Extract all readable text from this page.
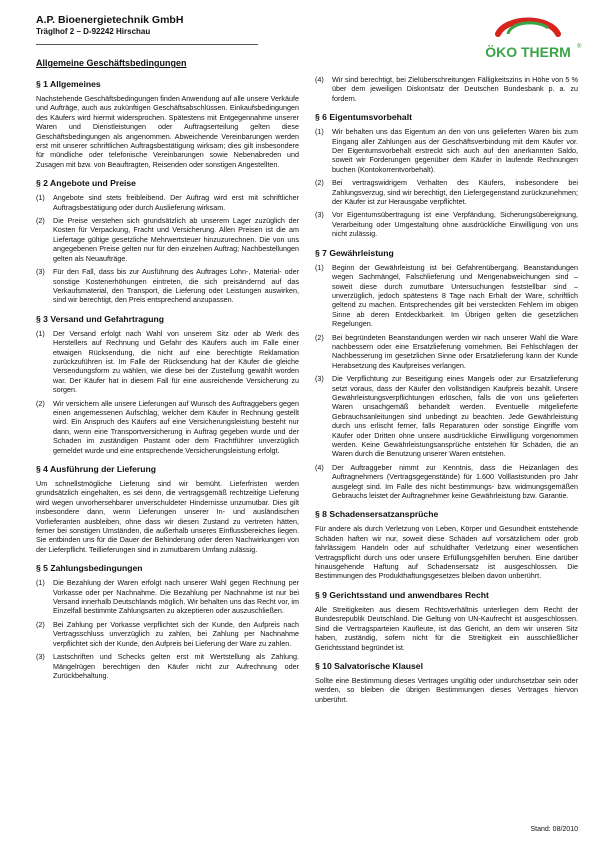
A.P. Bioenergietechnik GmbH
Träglhof 2 – D-92242 Hirschau
ÖKO THERM ®
Allgemeine Geschäftsbedingungen
§ 1 Allgemeines
Nachstehende Geschäftsbedingungen finden Anwendung auf alle unsere Verkäufe und Aufträge, auch aus zukünftigen Geschäftsabschlüssen. Einkaufsbedingungen des Käufers wird hiermit widersprochen. Spätestens mit Entgegennahme unserer Waren und Dienstleistungen oder Auftragserteilung gelten diese Geschäftsbedingungen als angenommen. Abweichende Vereinbarungen werden erst mit unserer schriftlichen Auftragsbestätigung wirksam; dies gilt insbesondere für mündliche oder telefonische Vereinbarungen sowie Nebenabreden und Zusagen mit bzw. von Beauftragten, Reisenden oder sonstigen Angestellten.
§ 2 Angebote und Preise
(1)	Angebote sind stets freibleibend. Der Auftrag wird erst mit schriftlicher Auftragsbestätigung oder durch Auslieferung wirksam.
(2)	Die Preise verstehen sich grundsätzlich ab unserem Lager zuzüglich der Kosten für Verpackung, Fracht und Versicherung. Allen Preisen ist die am Liefertage gültige gesetzliche Mehrwertsteuer hinzuzurechnen. Die von uns angegebenen Preise gelten nur für den einzelnen Auftrag; Nachbestellungen gelten als Neuaufträge.
(3)	Für den Fall, dass bis zur Ausführung des Auftrages Lohn-, Material- oder sonstige Kostenerhöhungen eintreten, die sich preisändernd auf das Verkaufsmaterial, den Transport, die Lieferung oder Leistungen auswirken, sind wir berechtigt, den Preis entsprechend anzupassen.
§ 3 Versand und Gefahrtragung
(1)	Der Versand erfolgt nach Wahl von unserem Sitz oder ab Werk des Herstellers auf Rechnung und Gefahr des Käufers auch im Falle einer etwaigen Rücksendung, die nicht auf eine berechtigte Reklamation zurückzuführen ist. Im Falle der Rücksendung hat der Käufer die gleiche Versendungsform zu wählen, wie diese bei der Zustellung gewählt worden war. Der Käufer hat in diesem Fall für eine ausreichende Versicherung zu sorgen.
(2)	Wir versichern alle unsere Lieferungen auf Wunsch des Auftraggebers gegen einen angemessenen Aufschlag, welcher dem Käufer in Rechnung gestellt wird. Ein Anspruch des Käufers auf eine Versicherungsleistung besteht nur dann, wenn eine Transportversicherung in Auftrag gegeben wurde und der Schaden im zuständigen Postamt oder dem Frachtführer unverzüglich gemeldet wurde und eine entsprechende Versicherungsleistung erfolgt.
§ 4 Ausführung der Lieferung
Um schnellstmögliche Lieferung sind wir bemüht. Lieferfristen werden grundsätzlich eingehalten, es sei denn, die vertragsgemäß rechtzeitige Lieferung wird wegen unvorhersehbarer unverschuldeter Hindernisse unzumutbar. Dies gilt insbesondere dann, wenn Lieferungen unserer In- und ausländischen Vorlieferanten ausbleiben, ohne dass wir diesen Zustand zu vertreten hätten, ferner bei sonstigen Umständen, die außerhalb unseres Einflussbereiches liegen. Sie entbinden uns für die Dauer der Behinderung oder deren Nachwirkungen von der Lieferpflicht. Teillieferungen sind in zumutbarem Umfang zulässig.
§ 5 Zahlungsbedingungen
(1)	Die Bezahlung der Waren erfolgt nach unserer Wahl gegen Rechnung per Vorkasse oder per Nachnahme. Die Bezahlung per Nachnahme ist nur bei Versand innerhalb Deutschlands möglich. Wir behalten uns das Recht vor, im Einzelfall bestimmte Zahlungsarten zu akzeptieren oder auszuschließen.
(2)	Bei Zahlung per Vorkasse verpflichtet sich der Kunde, den Aufpreis nach Vertragsschluss unverzüglich zu zahlen, bei Zahlung per Nachnahme verpflichtet sich der Kunde, den Aufpreis bei Lieferung der Ware zu zahlen.
(3)	Lastschriften und Schecks gelten erst mit Wertstellung als Zahlung. Mängelrügen berechtigen den Käufer nicht zur Aufrechnung oder Zurückbehaltung.
(4)	Wir sind berechtigt, bei Zielüberschreitungen Fälligkeitszins in Höhe von 5 % über dem jeweiligen Diskontsatz der Deutschen Bundesbank p. a. zu fordern.
§ 6 Eigentumsvorbehalt
(1)	Wir behalten uns das Eigentum an den von uns gelieferten Waren bis zum Eingang aller Zahlungen aus der Geschäftsverbindung mit dem Käufer vor. Der Eigentumsvorbehalt erstreckt sich auch auf den anerkannten Saldo, soweit wir Forderungen gegenüber dem Käufer in laufende Rechnungen buchen (Kontokorrentvorbehalt).
(2)	Bei vertragswidrigem Verhalten des Käufers, insbesondere bei Zahlungsverzug, sind wir berechtigt, den Liefergegenstand zurückzunehmen; der Käufer ist zur Herausgabe verpflichtet.
(3)	Vor Eigentumsübertragung ist eine Verpfändung, Sicherungsübereignung, Verarbeitung oder Umgestaltung ohne ausdrückliche Einwilligung von uns nicht zulässig.
§ 7 Gewährleistung
(1)	Beginn der Gewährleistung ist bei Gefahrenübergang. Beanstandungen wegen Sachmängel, Falschlieferung und Mengenabweichungen sind – soweit diese durch zumutbare Untersuchungen feststellbar sind – unverzüglich, jedoch spätestens 8 Tage nach Erhalt der Ware, schriftlich geltend zu machen. Entsprechendes gilt bei versteckten Fehlern im obigen Sinne ab deren Entdeckbarkeit. Im Übrigen gelten die gesetzlichen Regelungen.
(2)	Bei begründeten Beanstandungen werden wir nach unserer Wahl die Ware nachbessern oder eine Ersatzlieferung vornehmen. Bei Fehlschlagen der Nachbesserung im gesetzlichen Sinne oder Ersatzlieferung kann der Kunde Herabsetzung des Kaufpreises verlangen.
(3)	Die Verpflichtung zur Beseitigung eines Mangels oder zur Ersatzlieferung setzt voraus, dass der Käufer den vollständigen Kaufpreis bezahlt. Unsere Gewährleistungsverpflichtungen erlöschen, falls die von uns gelieferten Waren unsachgemäß behandelt werden. Eventuelle mitgelieferte Gebrauchsanleitungen sind unbedingt zu beachten. Jede Gewährleistung durch uns erlischt ferner, falls Reparaturen oder sonstige Eingriffe vom Käufer oder Dritten ohne unsere ausdrückliche Einwilligung vorgenommen werden. Keine Gewährleistungsansprüche entstehen für Schäden, die an Waren durch die Benutzung unserer Waren entstehen.
(4)	Der Auftraggeber nimmt zur Kenntnis, dass die Heizanlagen des Auftragnehmers (Vertragsgegenstände) für 1.600 Volllaststunden pro Jahr ausgelegt sind. Im Falle des nicht bestimmungs- bzw. widmungsgemäßen Gebrauchs leistet der Auftragnehmer keine Gewährleistung bzw. Garantie.
§ 8 Schadensersatzansprüche
Für andere als durch Verletzung von Leben, Körper und Gesundheit entstehende Schäden haften wir nur, soweit diese Schäden auf vorsätzlichem oder grob fahrlässigem Handeln oder auf schuldhafter Verletzung einer wesentlichen Vertragspflicht durch uns oder unsere Erfüllungsgehilfen beruhen. Eine darüber hinausgehende Haftung auf Schadensersatz ist ausgeschlossen. Die Bestimmungen des Produkthaftungsgesetzes bleiben davon unberührt.
§ 9 Gerichtsstand und anwendbares Recht
Alle Streitigkeiten aus diesem Rechtsverhältnis unterliegen dem Recht der Bundesrepublik Deutschland. Die Geltung von UN-Kaufrecht ist ausgeschlossen. Sind die Vertragsparteien Kaufleute, ist das Gericht, an dem wir unseren Sitz haben, zuständig, sofern nicht für die Streitigkeit ein ausschließlicher Gerichtsstand begründet ist.
§ 10 Salvatorische Klausel
Sollte eine Bestimmung dieses Vertrages ungültig oder undurchsetzbar sein oder werden, so bleiben die übrigen Bestimmungen dieses Vertrages hiervon unberührt.
Stand: 08/2010
